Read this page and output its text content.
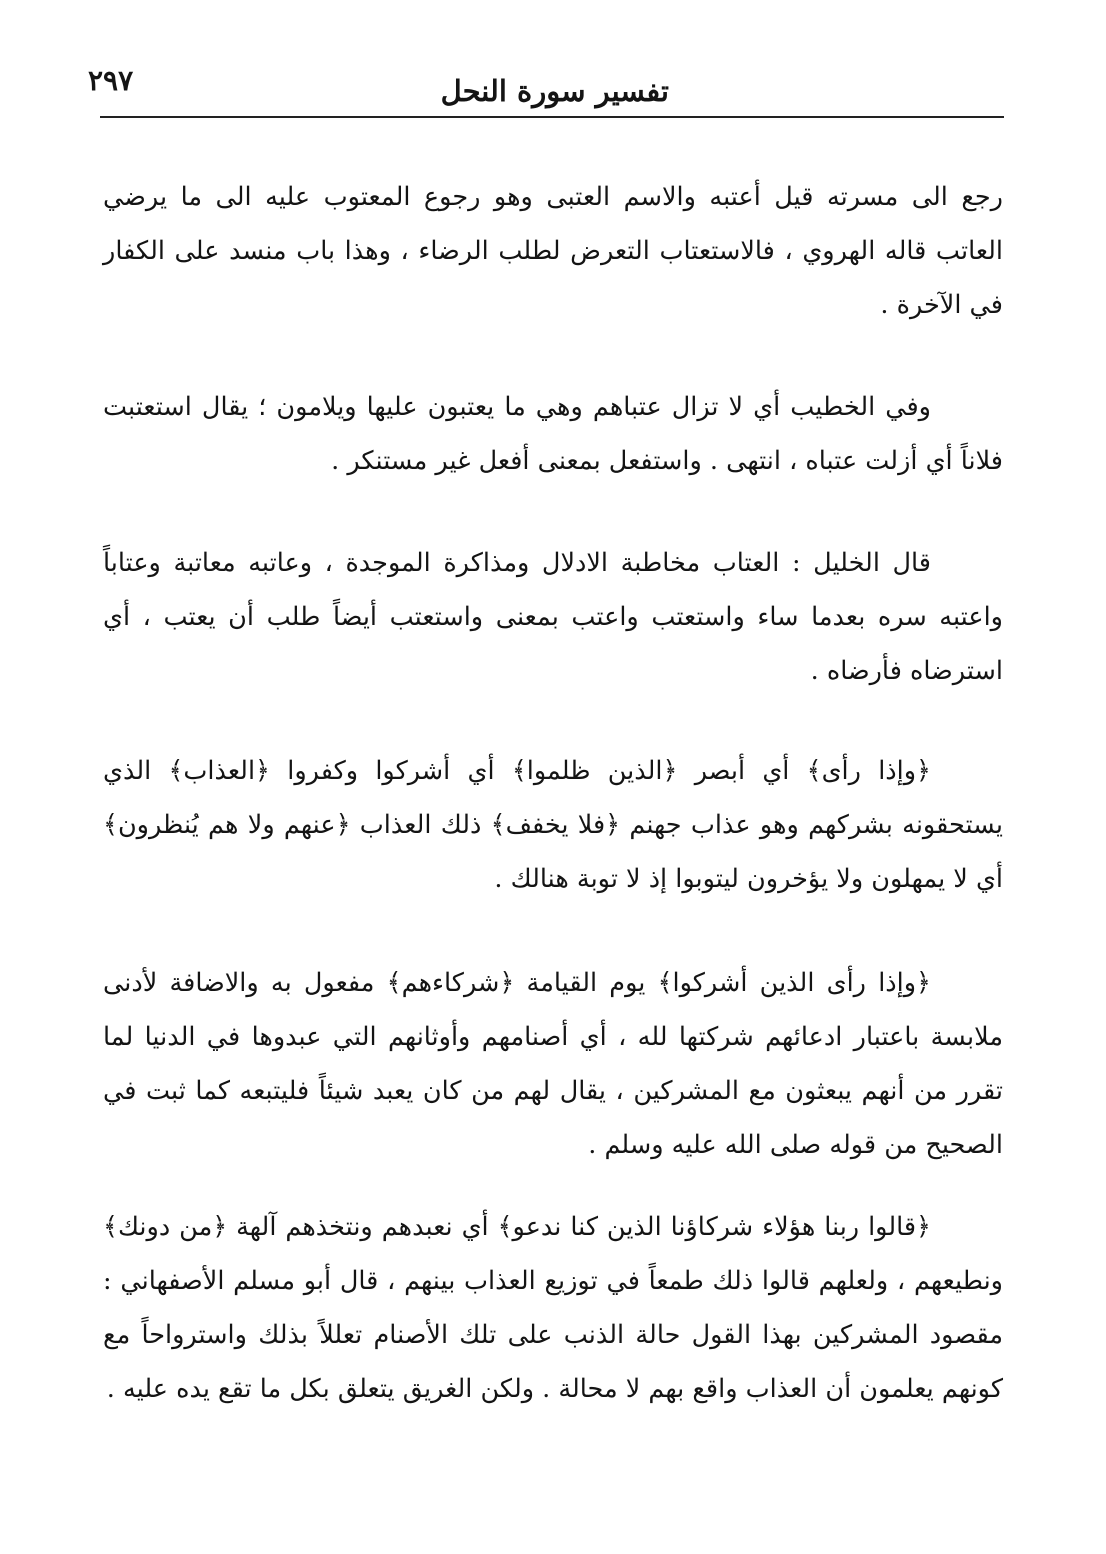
تفسير سورة النحل
٢٩٧

رجع الى مسرته قيل أعتبه والاسم العتبى وهو رجوع المعتوب عليه الى ما يرضي العاتب قاله الهروي ، فالاستعتاب التعرض لطلب الرضاء ، وهذا باب منسد على الكفار في الآخرة .

وفي الخطيب أي لا تزال عتباهم وهي ما يعتبون عليها ويلامون ؛ يقال استعتبت فلاناً أي أزلت عتباه ، انتهى . واستفعل بمعنى أفعل غير مستنكر .

قال الخليل : العتاب مخاطبة الادلال ومذاكرة الموجدة ، وعاتبه معاتبة وعتاباً واعتبه سره بعدما ساء واستعتب واعتب بمعنى واستعتب أيضاً طلب أن يعتب ، أي استرضاه فأرضاه .

﴿وإذا رأى﴾ أي أبصر ﴿الذين ظلموا﴾ أي أشركوا وكفروا ﴿العذاب﴾ الذي يستحقونه بشركهم وهو عذاب جهنم ﴿فلا يخفف﴾ ذلك العذاب ﴿عنهم ولا هم يُنظرون﴾ أي لا يمهلون ولا يؤخرون ليتوبوا إذ لا توبة هنالك .

﴿وإذا رأى الذين أشركوا﴾ يوم القيامة ﴿شركاءهم﴾ مفعول به والاضافة لأدنى ملابسة باعتبار ادعائهم شركتها لله ، أي أصنامهم وأوثانهم التي عبدوها في الدنيا لما تقرر من أنهم يبعثون مع المشركين ، يقال لهم من كان يعبد شيئاً فليتبعه كما ثبت في الصحيح من قوله صلى الله عليه وسلم .

﴿قالوا ربنا هؤلاء شركاؤنا الذين كنا ندعو﴾ أي نعبدهم ونتخذهم آلهة ﴿من دونك﴾ ونطيعهم ، ولعلهم قالوا ذلك طمعاً في توزيع العذاب بينهم ، قال أبو مسلم الأصفهاني : مقصود المشركين بهذا القول حالة الذنب على تلك الأصنام تعللاً بذلك واسترواحاً مع كونهم يعلمون أن العذاب واقع بهم لا محالة . ولكن الغريق يتعلق بكل ما تقع يده عليه .
